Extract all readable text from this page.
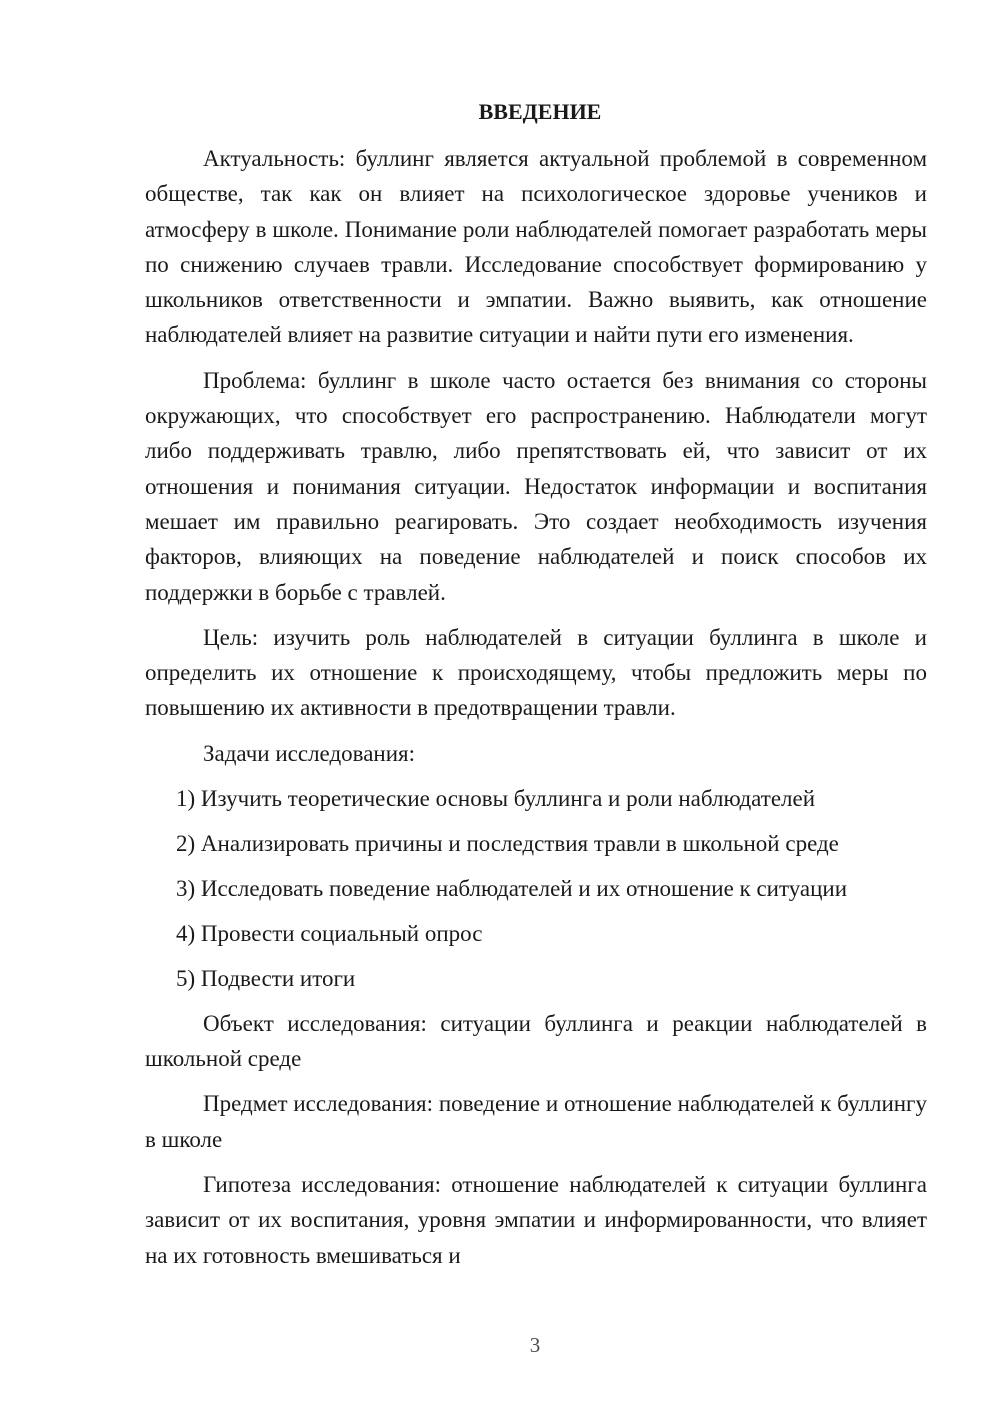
ВВЕДЕНИЕ

Актуальность: буллинг является актуальной проблемой в современном обществе, так как он влияет на психологическое здоровье учеников и атмосферу в школе. Понимание роли наблюдателей помогает разработать меры по снижению случаев травли. Исследование способствует формированию у школьников ответственности и эмпатии. Важно выявить, как отношение наблюдателей влияет на развитие ситуации и найти пути его изменения.

Проблема: буллинг в школе часто остается без внимания со стороны окружающих, что способствует его распространению. Наблюдатели могут либо поддерживать травлю, либо препятствовать ей, что зависит от их отношения и понимания ситуации. Недостаток информации и воспитания мешает им правильно реагировать. Это создает необходимость изучения факторов, влияющих на поведение наблюдателей и поиск способов их поддержки в борьбе с травлей.

Цель: изучить роль наблюдателей в ситуации буллинга в школе и определить их отношение к происходящему, чтобы предложить меры по повышению их активности в предотвращении травли.

Задачи исследования:

1) Изучить теоретические основы буллинга и роли наблюдателей
2) Анализировать причины и последствия травли в школьной среде
3) Исследовать поведение наблюдателей и их отношение к ситуации
4) Провести социальный опрос
5) Подвести итоги

Объект исследования: ситуации буллинга и реакции наблюдателей в школьной среде

Предмет исследования: поведение и отношение наблюдателей к буллингу в школе

Гипотеза исследования: отношение наблюдателей к ситуации буллинга зависит от их воспитания, уровня эмпатии и информированности, что влияет на их готовность вмешиваться и

3
